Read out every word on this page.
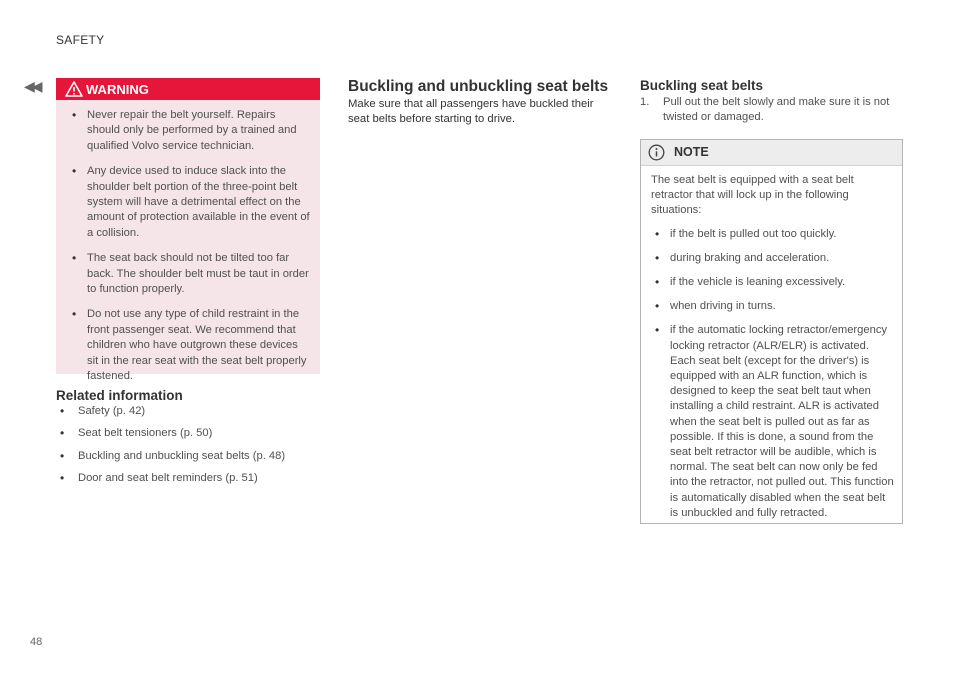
SAFETY
◀◀	WARNING
• Never repair the belt yourself. Repairs should only be performed by a trained and qualified Volvo service technician.
• Any device used to induce slack into the shoulder belt portion of the three-point belt system will have a detrimental effect on the amount of protection available in the event of a collision.
• The seat back should not be tilted too far back. The shoulder belt must be taut in order to function properly.
• Do not use any type of child restraint in the front passenger seat. We recommend that children who have outgrown these devices sit in the rear seat with the seat belt properly fastened.
Related information
• Safety (p. 42)
• Seat belt tensioners (p. 50)
• Buckling and unbuckling seat belts (p. 48)
• Door and seat belt reminders (p. 51)
Buckling and unbuckling seat belts
Make sure that all passengers have buckled their seat belts before starting to drive.
Buckling seat belts
1.	Pull out the belt slowly and make sure it is not twisted or damaged.
NOTE
The seat belt is equipped with a seat belt retractor that will lock up in the following situations:
• if the belt is pulled out too quickly.
• during braking and acceleration.
• if the vehicle is leaning excessively.
• when driving in turns.
• if the automatic locking retractor/emergency locking retractor (ALR/ELR) is activated. Each seat belt (except for the driver's) is equipped with an ALR function, which is designed to keep the seat belt taut when installing a child restraint. ALR is activated when the seat belt is pulled out as far as possible. If this is done, a sound from the seat belt retractor will be audible, which is normal. The seat belt can now only be fed into the retractor, not pulled out. This function is automatically disabled when the seat belt is unbuckled and fully retracted.
48
